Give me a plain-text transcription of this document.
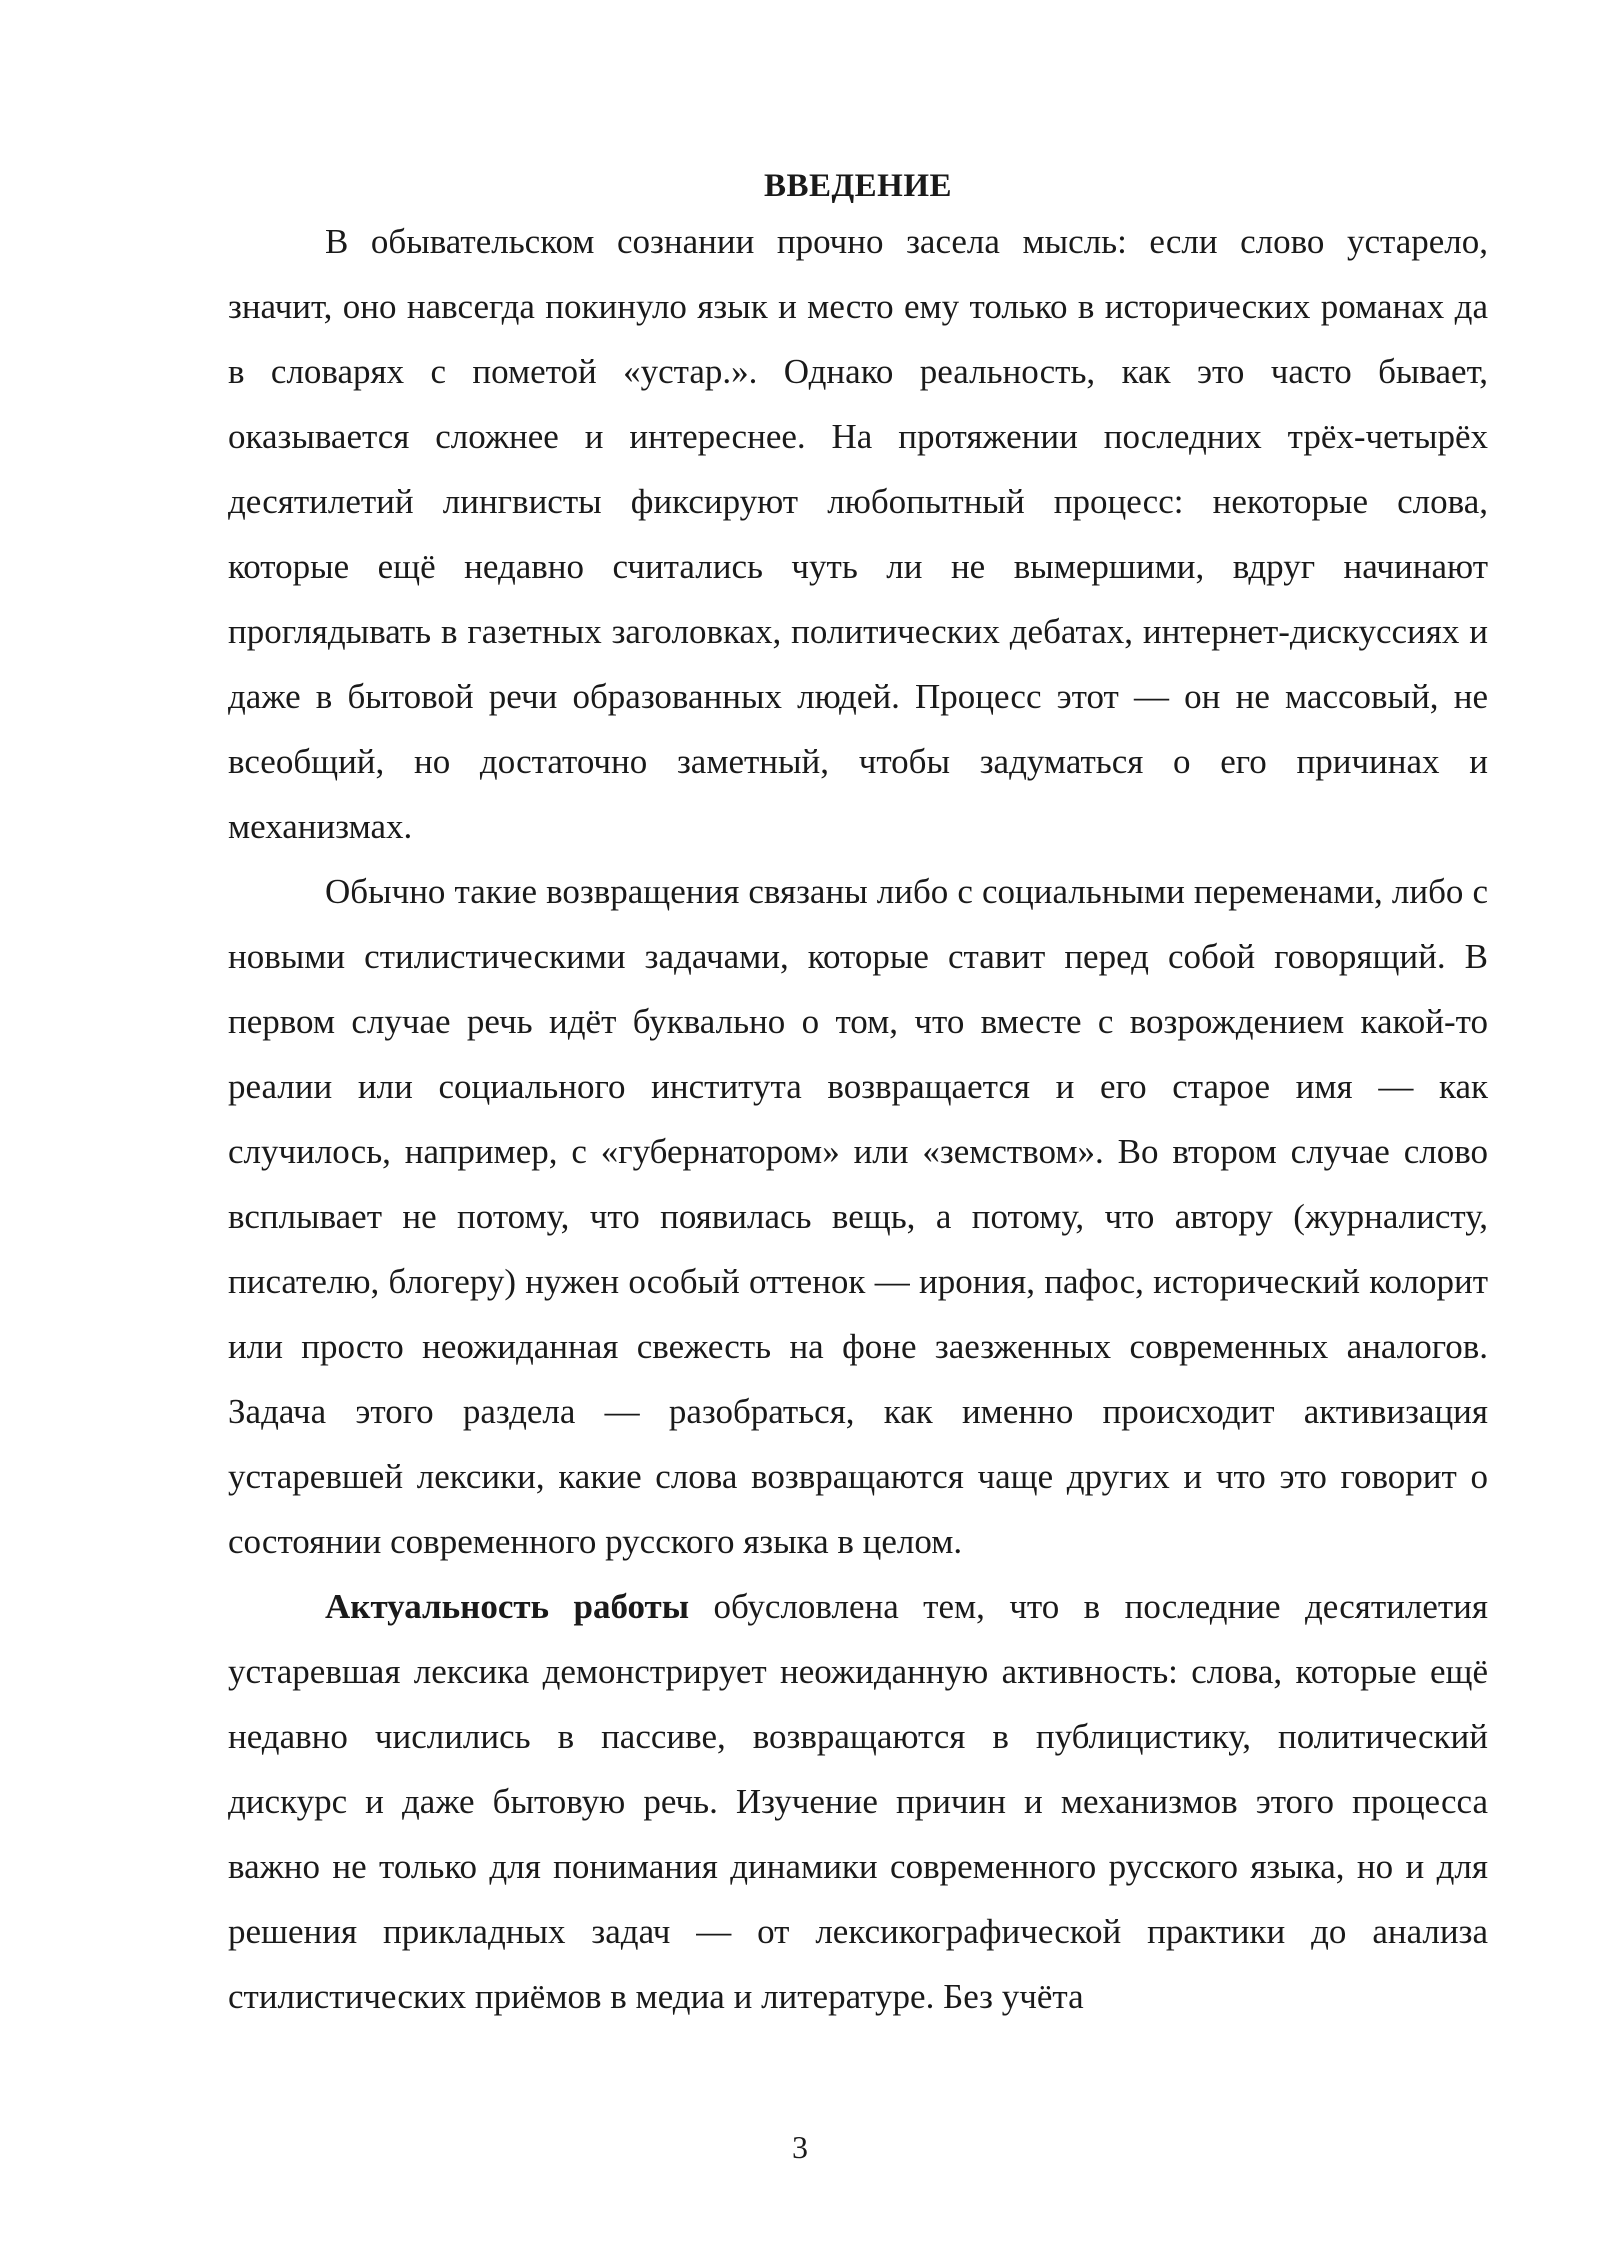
ВВЕДЕНИЕ

В обывательском сознании прочно засела мысль: если слово устарело, значит, оно навсегда покинуло язык и место ему только в исторических романах да в словарях с пометой «устар.». Однако реальность, как это часто бывает, оказывается сложнее и интереснее. На протяжении последних трёх-четырёх десятилетий лингвисты фиксируют любопытный процесс: некоторые слова, которые ещё недавно считались чуть ли не вымершими, вдруг начинают проглядывать в газетных заголовках, политических дебатах, интернет-дискуссиях и даже в бытовой речи образованных людей. Процесс этот — он не массовый, не всеобщий, но достаточно заметный, чтобы задуматься о его причинах и механизмах.

Обычно такие возвращения связаны либо с социальными переменами, либо с новыми стилистическими задачами, которые ставит перед собой говорящий. В первом случае речь идёт буквально о том, что вместе с возрождением какой-то реалии или социального института возвращается и его старое имя — как случилось, например, с «губернатором» или «земством». Во втором случае слово всплывает не потому, что появилась вещь, а потому, что автору (журналисту, писателю, блогеру) нужен особый оттенок — ирония, пафос, исторический колорит или просто неожиданная свежесть на фоне заезженных современных аналогов. Задача этого раздела — разобраться, как именно происходит активизация устаревшей лексики, какие слова возвращаются чаще других и что это говорит о состоянии современного русского языка в целом.

Актуальность работы обусловлена тем, что в последние десятилетия устаревшая лексика демонстрирует неожиданную активность: слова, которые ещё недавно числились в пассиве, возвращаются в публицистику, политический дискурс и даже бытовую речь. Изучение причин и механизмов этого процесса важно не только для понимания динамики современного русского языка, но и для решения прикладных задач — от лексикографической практики до анализа стилистических приёмов в медиа и литературе. Без учёта

3
